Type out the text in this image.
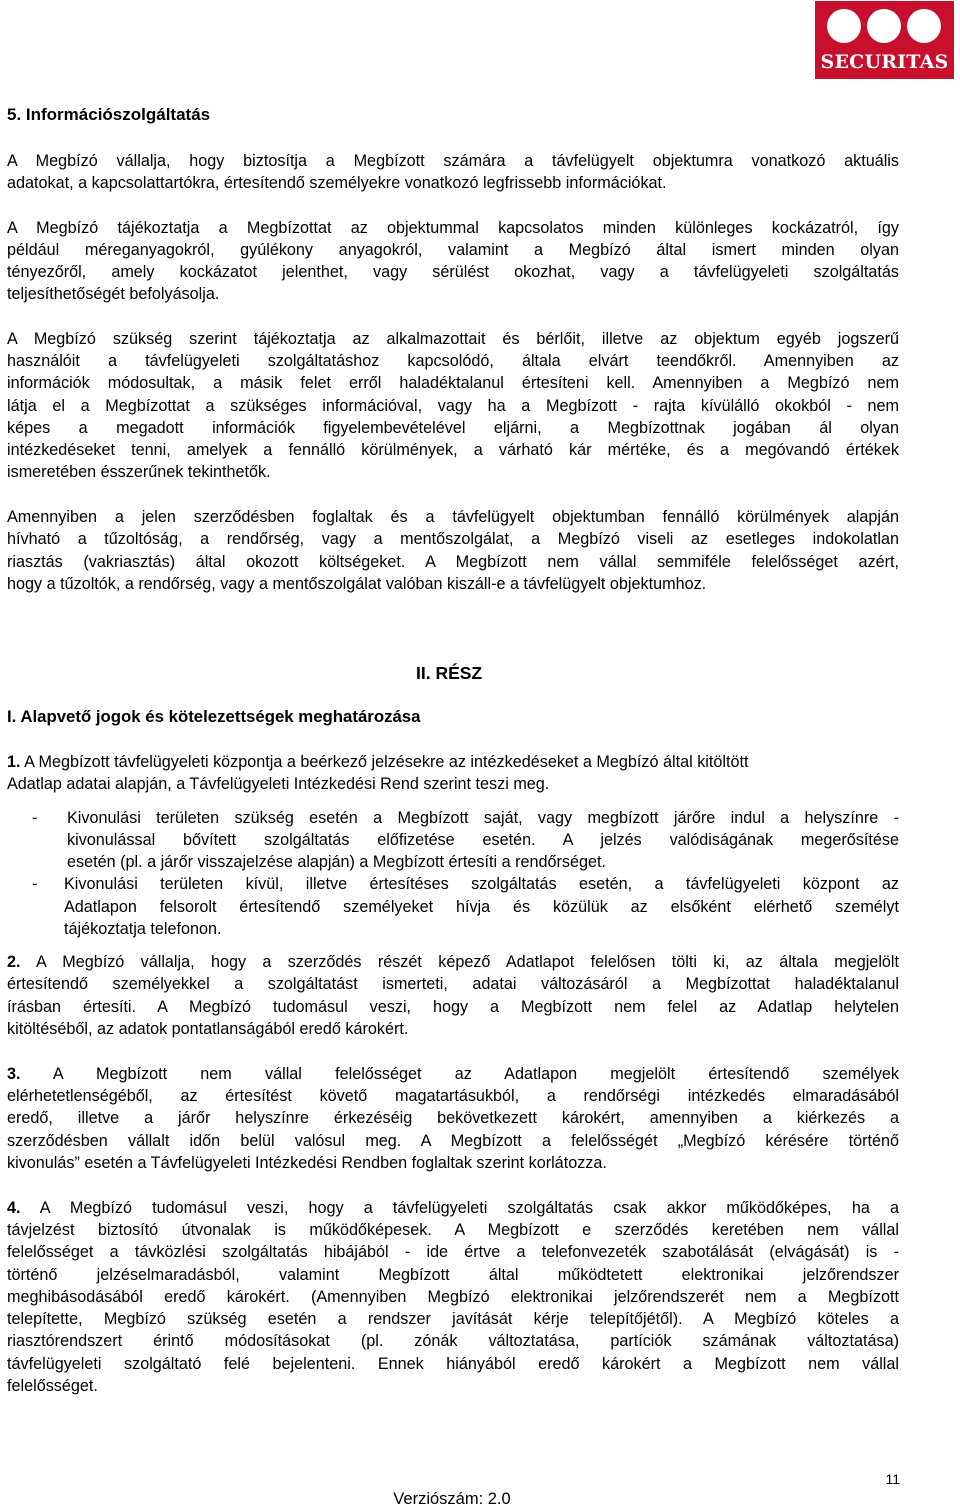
SECURITAS
5. Információszolgáltatás
A Megbízó vállalja, hogy biztosítja a Megbízott számára a távfelügyelt objektumra vonatkozó aktuális
adatokat, a kapcsolattartókra, értesítendő személyekre vonatkozó legfrissebb információkat.
A Megbízó tájékoztatja a Megbízottat az objektummal kapcsolatos minden különleges kockázatról, így
például méreganyagokról, gyúlékony anyagokról, valamint a Megbízó által ismert minden olyan
tényezőről, amely kockázatot jelenthet, vagy sérülést okozhat, vagy a távfelügyeleti szolgáltatás
teljesíthetőségét befolyásolja.
A Megbízó szükség szerint tájékoztatja az alkalmazottait és bérlőit, illetve az objektum egyéb jogszerű
használóit a távfelügyeleti szolgáltatáshoz kapcsolódó, általa elvárt teendőkről. Amennyiben az
információk módosultak, a másik felet erről haladéktalanul értesíteni kell. Amennyiben a Megbízó nem
látja el a Megbízottat a szükséges információval, vagy ha a Megbízott - rajta kívülálló okokból - nem
képes a megadott információk figyelembevételével eljárni, a Megbízottnak jogában ál olyan
intézkedéseket tenni, amelyek a fennálló körülmények, a várható kár mértéke, és a megóvandó értékek
ismeretében ésszerűnek tekinthetők.
Amennyiben a jelen szerződésben foglaltak és a távfelügyelt objektumban fennálló körülmények alapján
hívható a tűzoltóság, a rendőrség, vagy a mentőszolgálat, a Megbízó viseli az esetleges indokolatlan
riasztás (vakriasztás) által okozott költségeket. A Megbízott nem vállal semmiféle felelősséget azért,
hogy a tűzoltók, a rendőrség, vagy a mentőszolgálat valóban kiszáll-e a távfelügyelt objektumhoz.
II. RÉSZ
I. Alapvető jogok és kötelezettségek meghatározása
1. A Megbízott távfelügyeleti központja a beérkező jelzésekre az intézkedéseket a Megbízó által kitöltött
Adatlap adatai alapján, a Távfelügyeleti Intézkedési Rend szerint teszi meg.
- Kivonulási területen szükség esetén a Megbízott saját, vagy megbízott járőre indul a helyszínre -
kivonulással bővített szolgáltatás előfizetése esetén. A jelzés valódiságának megerősítése
esetén (pl. a járőr visszajelzése alapján) a Megbízott értesíti a rendőrséget.
- Kivonulási területen kívül, illetve értesítéses szolgáltatás esetén, a távfelügyeleti központ az
Adatlapon felsorolt értesítendő személyeket hívja és közülük az elsőként elérhető személyt
tájékoztatja telefonon.
2. A Megbízó vállalja, hogy a szerződés részét képező Adatlapot felelősen tölti ki, az általa megjelölt
értesítendő személyekkel a szolgáltatást ismerteti, adatai változásáról a Megbízottat haladéktalanul
írásban értesíti. A Megbízó tudomásul veszi, hogy a Megbízott nem felel az Adatlap helytelen
kitöltéséből, az adatok pontatlanságából eredő károkért.
3. A Megbízott nem vállal felelősséget az Adatlapon megjelölt értesítendő személyek
elérhetetlenségéből, az értesítést követő magatartásukból, a rendőrségi intézkedés elmaradásából
eredő, illetve a járőr helyszínre érkezéséig bekövetkezett károkért, amennyiben a kiérkezés a
szerződésben vállalt időn belül valósul meg. A Megbízott a felelősségét „Megbízó kérésére történő
kivonulás” esetén a Távfelügyeleti Intézkedési Rendben foglaltak szerint korlátozza.
4. A Megbízó tudomásul veszi, hogy a távfelügyeleti szolgáltatás csak akkor működőképes, ha a
távjelzést biztosító útvonalak is működőképesek. A Megbízott e szerződés keretében nem vállal
felelősséget a távközlési szolgáltatás hibájából - ide értve a telefonvezeték szabotálását (elvágását) is -
történő jelzéselmaradásból, valamint Megbízott által működtetett elektronikai jelzőrendszer
meghibásodásából eredő károkért. (Amennyiben Megbízó elektronikai jelzőrendszerét nem a Megbízott
telepítette, Megbízó szükség esetén a rendszer javítását kérje telepítőjétől). A Megbízó köteles a
riasztórendszert érintő módosításokat (pl. zónák változtatása, partíciók számának változtatása)
távfelügyeleti szolgáltató felé bejelenteni. Ennek hiányából eredő károkért a Megbízott nem vállal
felelősséget.
11
Verziószám: 2.0
